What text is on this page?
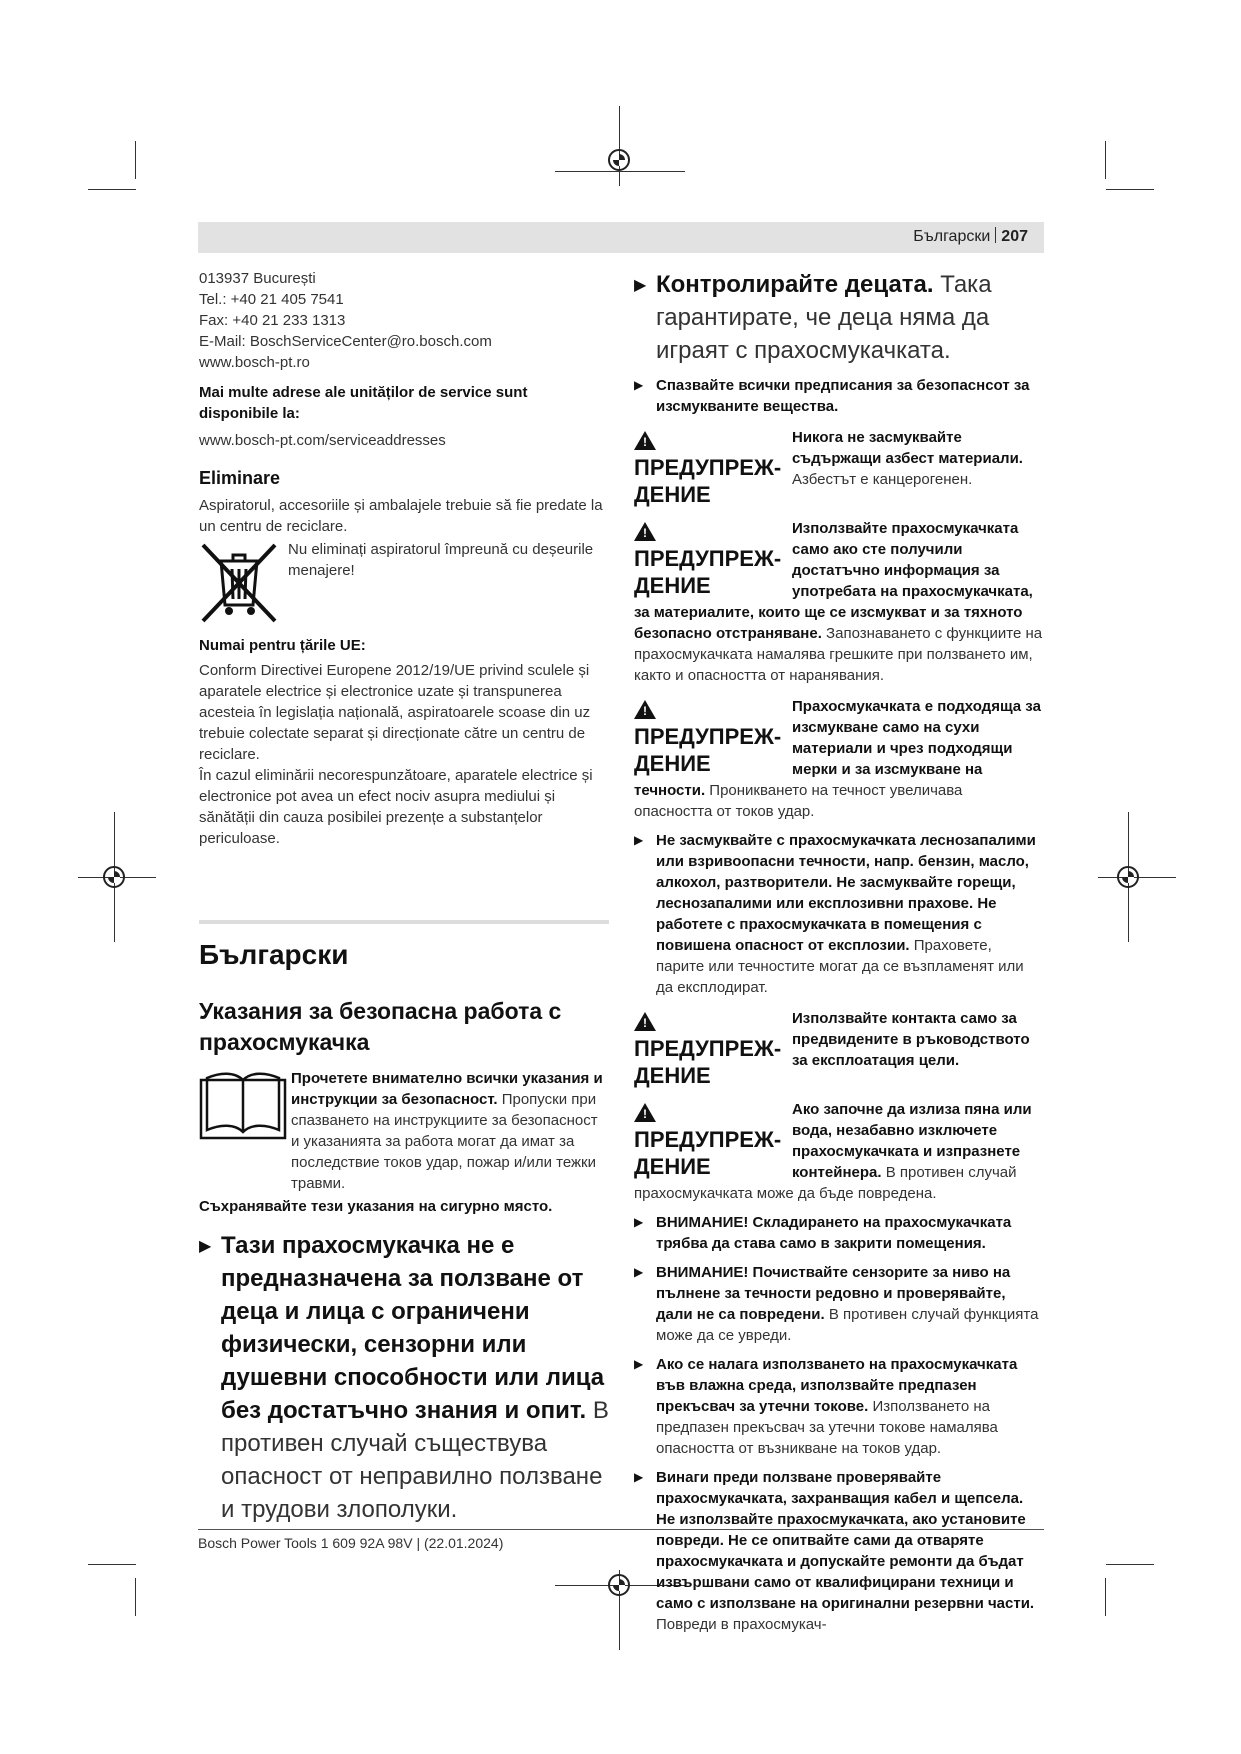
Български 207

013937 București

Tel.: +40 21 405 7541

Fax: +40 21 233 1313

E-Mail: BoschServiceCenter@ro.bosch.com

www.bosch-pt.ro

Mai multe adrese ale unităților de service sunt disponibile la:

www.bosch-pt.com/serviceaddresses

Eliminare

Aspiratorul, accesoriile și ambalajele trebuie să fie predate la un centru de reciclare.

Nu eliminați aspiratorul împreună cu deșeurile menajere!

Numai pentru țările UE:

Conform Directivei Europene 2012/19/UE privind sculele și aparatele electrice și electronice uzate și transpunerea acesteia în legislația națională, aspiratoarele scoase din uz trebuie colectate separat și direcționate către un centru de reciclare.

În cazul eliminării necorespunzătoare, aparatele electrice și electronice pot avea un efect nociv asupra mediului și sănătății din cauza posibilei prezențe a substanțelor periculoase.

Български
Указания за безопасна работа с прахосмукачка

Прочетете внимателно всички указания и инструкции за безопасност. Пропуски при спазването на инструкциите за безопасност и указанията за работа могат да имат за последствие токов удар, пожар и/или тежки травми.

Съхранявайте тези указания на сигурно място.

▶ Тази прахосмукачка не е предназначена за ползване от деца и лица с ограничени физически, сензорни или душевни способности или лица без достатъчно знания и опит. В противен случай съществува опасност от неправилно ползване и трудови злополуки.
▶ Контролирайте децата. Така гарантирате, че деца няма да играят с прахосмукачката.
▶ Спазвайте всички предписания за безопаснсот за изсмукваните вещества.
!
ПРЕДУПРЕЖ-ДЕНИЕ
Никога не засмуквайте съдържащи азбест материали. Азбестът е канцерогенен.
!
ПРЕДУПРЕЖ-ДЕНИЕ
Използвайте прахосмукачката само ако сте получили достатъчно информация за употребата на прахосмукачката, за материалите, които ще се изсмукват и за тяхното безопасно отстраняване. Запознаването с функциите на прахосмукачката намалява грешките при ползването им, както и опасността от наранявания.
!
ПРЕДУПРЕЖ-ДЕНИЕ
Прахосмукачката е подходяща за изсмукване само на сухи материали и чрез подходящи мерки и за изсмукване на течности. Проникването на течност увеличава опасността от токов удар.
▶ Не засмуквайте с прахосмукачката леснозапалими или взривоопасни течности, напр. бензин, масло, алкохол, разтворители. Не засмуквайте горещи, леснозапалими или експлозивни прахове. Не работете с прахосмукачката в помещения с повишена опасност от експлозии. Праховете, парите или течностите могат да се възпламенят или да експлодират.
!
ПРЕДУПРЕЖ-ДЕНИЕ
Използвайте контакта само за предвидените в ръководството за експлоатация цели.
!
ПРЕДУПРЕЖ-ДЕНИЕ
Ако започне да излиза пяна или вода, незабавно изключете прахосмукачката и изпразнете контейнера. В противен случай прахосмукачката може да бъде повредена.
▶ ВНИМАНИЕ! Складирането на прахосмукачката трябва да става само в закрити помещения.
▶ ВНИМАНИЕ! Почиствайте сензорите за ниво на пълнене за течности редовно и проверявайте, дали не са повредени. В противен случай функцията може да се увреди.
▶ Ако се налага използването на прахосмукачката във влажна среда, използвайте предпазен прекъсвач за утечни токове. Използването на предпазен прекъсвач за утечни токове намалява опасността от възникване на токов удар.
▶ Винаги преди ползване проверявайте прахосмукачката, захранващия кабел и щепсела. Не използвайте прахосмукачката, ако установите повреди. Не се опитвайте сами да отваряте прахосмукачката и допускайте ремонти да бъдат извършвани само от квалифицирани техници и само с използване на оригинални резервни части. Повреди в прахосмукач-
Bosch Power Tools 1 609 92A 98V | (22.01.2024)
